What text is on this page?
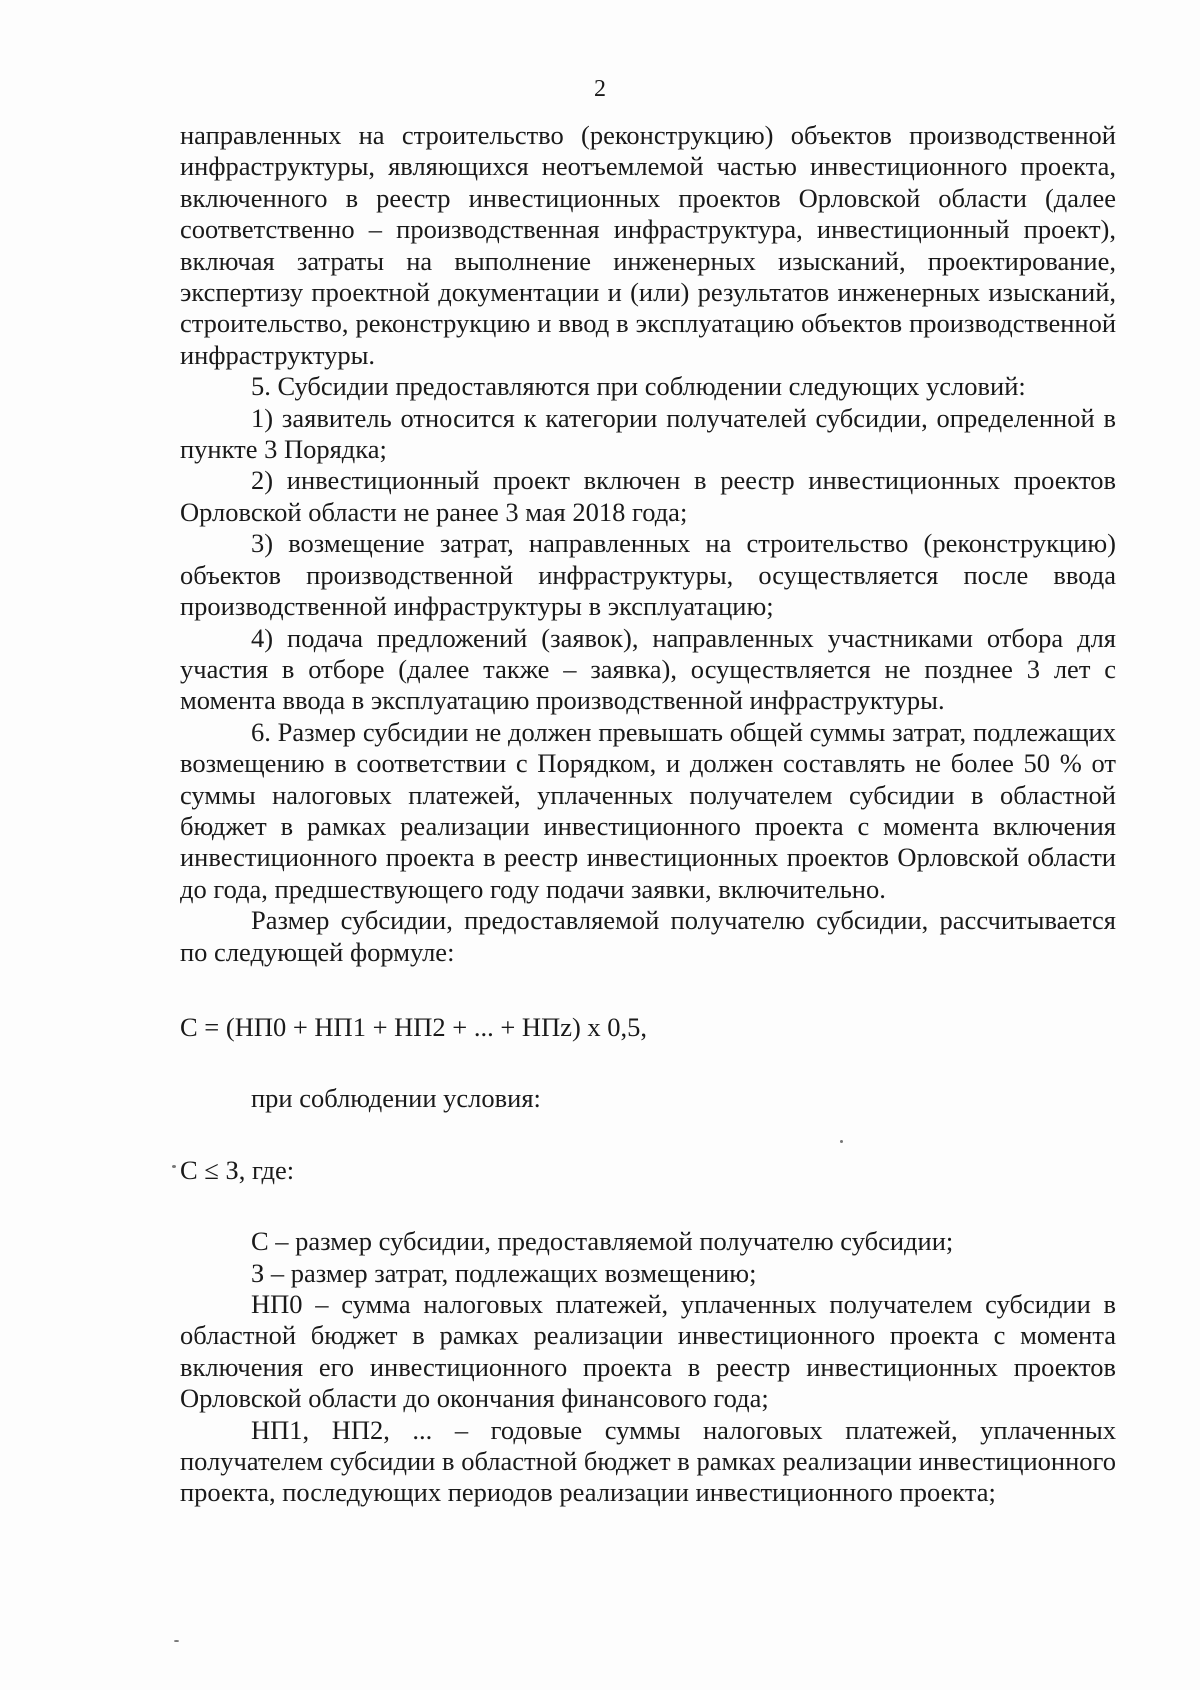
2

направленных на строительство (реконструкцию) объектов производственной инфраструктуры, являющихся неотъемлемой частью инвестиционного проекта, включенного в реестр инвестиционных проектов Орловской области (далее соответственно – производственная инфраструктура, инвестиционный проект), включая затраты на выполнение инженерных изысканий, проектирование, экспертизу проектной документации и (или) результатов инженерных изысканий, строительство, реконструкцию и ввод в эксплуатацию объектов производственной инфраструктуры.

5. Субсидии предоставляются при соблюдении следующих условий:

1) заявитель относится к категории получателей субсидии, определенной в пункте 3 Порядка;

2) инвестиционный проект включен в реестр инвестиционных проектов Орловской области не ранее 3 мая 2018 года;

3) возмещение затрат, направленных на строительство (реконструкцию) объектов производственной инфраструктуры, осуществляется после ввода производственной инфраструктуры в эксплуатацию;

4) подача предложений (заявок), направленных участниками отбора для участия в отборе (далее также – заявка), осуществляется не позднее 3 лет с момента ввода в эксплуатацию производственной инфраструктуры.

6. Размер субсидии не должен превышать общей суммы затрат, подлежащих возмещению в соответствии с Порядком, и должен составлять не более 50 % от суммы налоговых платежей, уплаченных получателем субсидии в областной бюджет в рамках реализации инвестиционного проекта с момента включения инвестиционного проекта в реестр инвестиционных проектов Орловской области до года, предшествующего году подачи заявки, включительно.

Размер субсидии, предоставляемой получателю субсидии, рассчитывается по следующей формуле:

С = (НП0 + НП1 + НП2 + ... + НПz) x 0,5,

при соблюдении условия:

С ≤ З, где:

С – размер субсидии, предоставляемой получателю субсидии;

З – размер затрат, подлежащих возмещению;

НП0 – сумма налоговых платежей, уплаченных получателем субсидии в областной бюджет в рамках реализации инвестиционного проекта с момента включения его инвестиционного проекта в реестр инвестиционных проектов Орловской области до окончания финансового года;

НП1, НП2, ... – годовые суммы налоговых платежей, уплаченных получателем субсидии в областной бюджет в рамках реализации инвестиционного проекта, последующих периодов реализации инвестиционного проекта;
